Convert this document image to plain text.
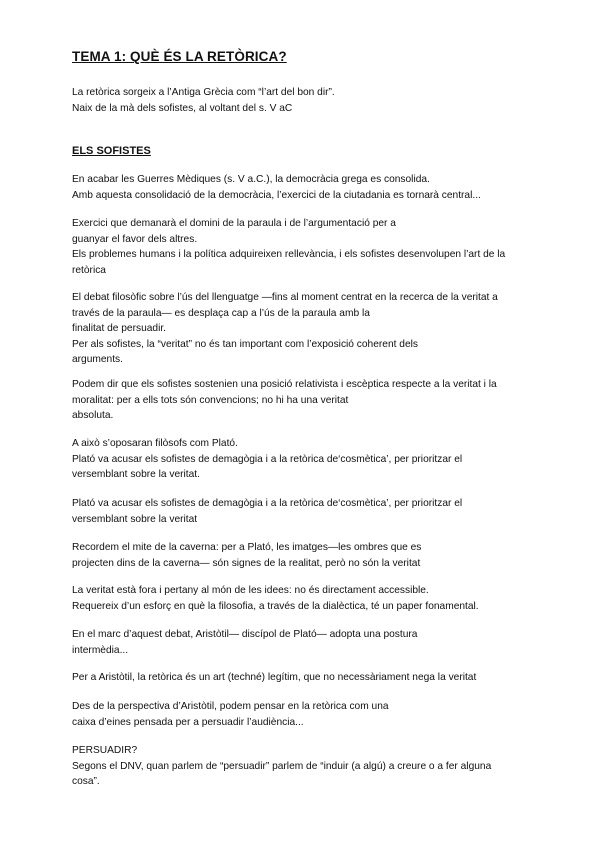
TEMA 1: QUÈ ÉS LA RETÒRICA?
La retòrica sorgeix a l’Antiga Grècia com “l’art del bon dir”.
Naix de la mà dels sofistes, al voltant del s. V aC
ELS SOFISTES
En acabar les Guerres Mèdiques (s. V a.C.), la democràcia grega es consolida.
Amb aquesta consolidació de la democràcia, l’exercici de la ciutadania es tornarà central...
Exercici que demanarà el domini de la paraula i de l’argumentació per a
guanyar el favor dels altres.
Els problemes humans i la política adquireixen rellevància, i els sofistes desenvolupen l’art de la
retòrica
El debat filosòfic sobre l’ús del llenguatge —fins al moment centrat en la recerca de la veritat a
través de la paraula— es desplaça cap a l’ús de la paraula amb la
finalitat de persuadir.
Per als sofistes, la “veritat” no és tan important com l’exposició coherent dels
arguments.
Podem dir que els sofistes sostenien una posició relativista i escèptica respecte a la veritat i la
moralitat: per a ells tots són convencions; no hi ha una veritat
absoluta.
A això s’oposaran filòsofs com Plató.
Plató va acusar els sofistes de demagògia i a la retòrica de‘cosmètica’, per prioritzar el
versemblant sobre la veritat.
Plató va acusar els sofistes de demagògia i a la retòrica de‘cosmètica’, per prioritzar el
versemblant sobre la veritat
Recordem el mite de la caverna: per a Plató, les imatges—les ombres que es
projecten dins de la caverna— són signes de la realitat, però no són la veritat
La veritat està fora i pertany al món de les idees: no és directament accessible.
Requereix d’un esforç en què la filosofia, a través de la dialèctica, té un paper fonamental.
En el marc d’aquest debat, Aristòtil— discípol de Plató— adopta una postura
intermèdia...
Per a Aristòtil, la retòrica és un art (techné) legítim, que no necessàriament nega la veritat
Des de la perspectiva d’Aristòtil, podem pensar en la retòrica com una
caixa d’eines pensada per a persuadir l’audiència...
PERSUADIR?
Segons el DNV, quan parlem de “persuadir” parlem de “induir (a algú) a creure o a fer alguna
cosa”.
